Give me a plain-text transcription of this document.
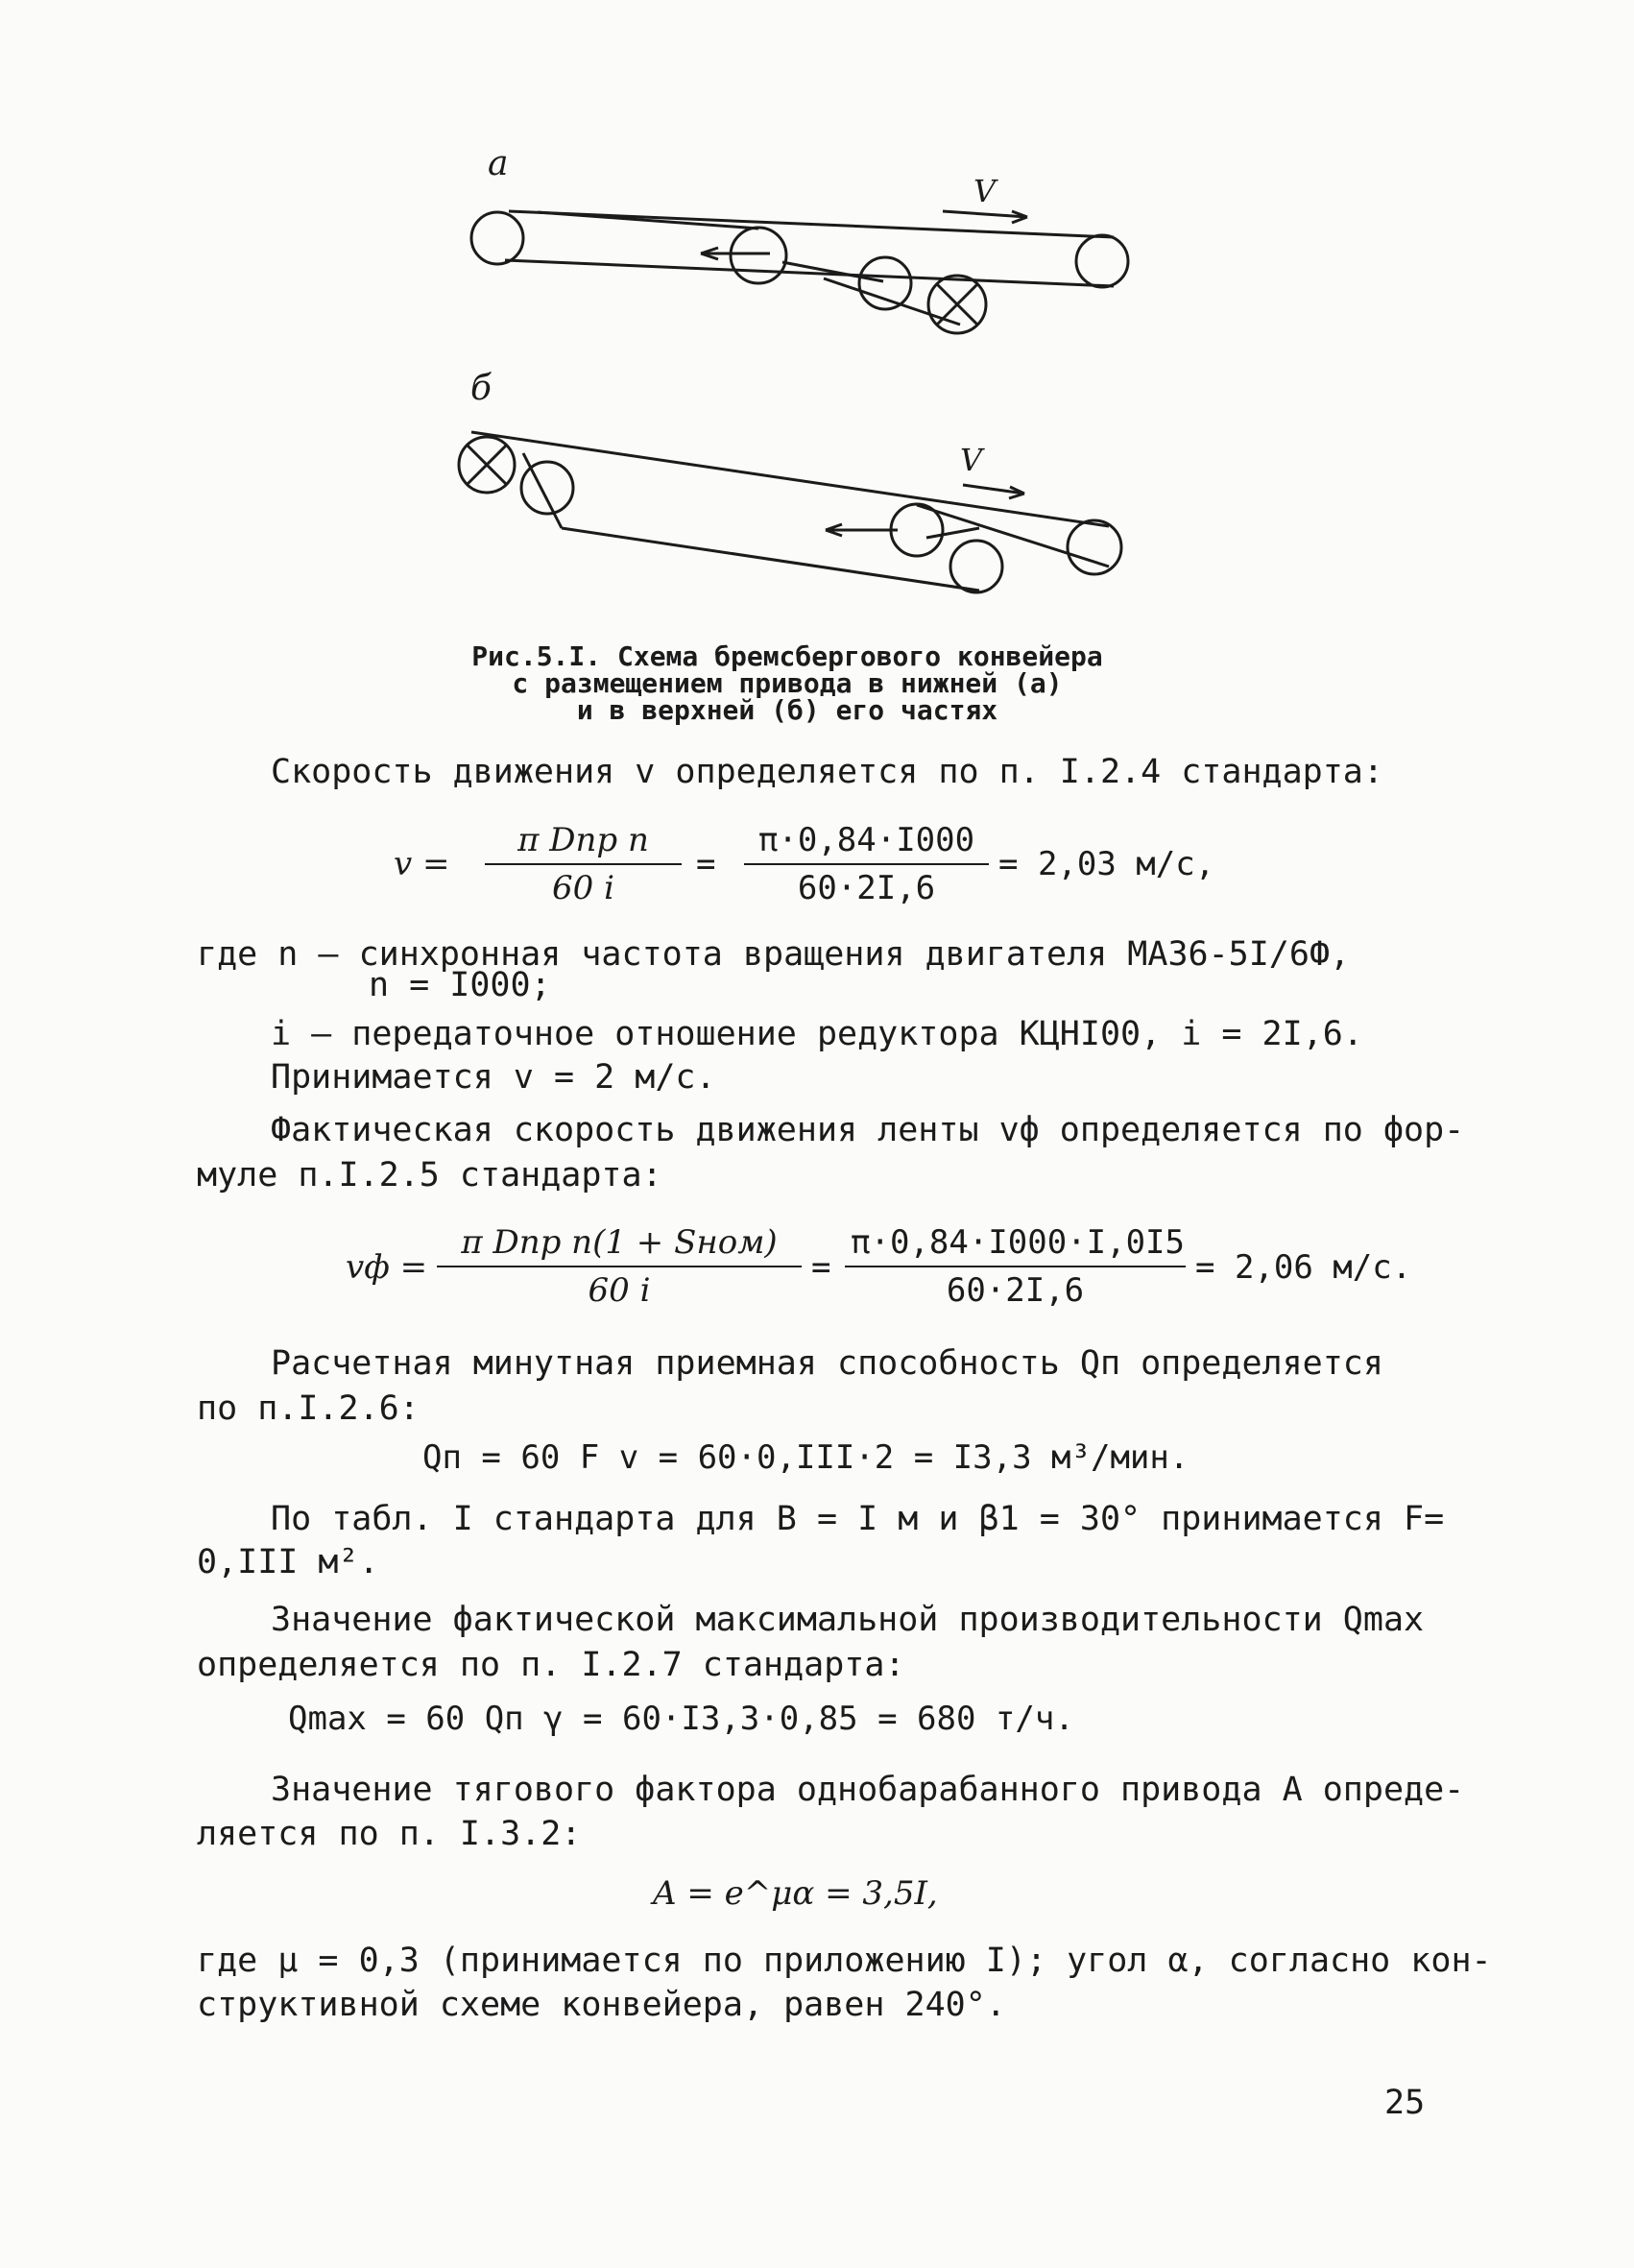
a
V
б
V
Рис.5.I. Схема бремсбергового конвейера
с размещением привода в нижней (а)
и в верхней (б) его частях
Скорость движения v определяется по п. I.2.4 стандарта:
v =
π Dпр n
60 i
= $\frac{\pi\cdot 0,84\cdot I000}{60\cdot 2I,6} = 2,03$ м/с,
где n – синхронная частота вращения двигателя МА36-5I/6Ф,
n = I000;
i – передаточное отношение редуктора КЦНI00, i = 2I,6.
Принимается v = 2 м/с.
Фактическая скорость движения ленты vф определяется по фор-
муле п.I.2.5 стандарта:
vф =
π Dпр n(1 + Sном)
60 i
= $\frac{\pi\cdot 0,84\cdot I000\cdot I,0I5}{60\cdot 2I,6} = 2,06$ м/с.
Расчетная минутная приемная способность Qп определяется
по п.I.2.6:
Qп = 60 F v = 60·0,III·2 = I3,3 м³/мин.
По табл. I стандарта для B = I м и β1 = 30° принимается F=
0,III м².
Значение фактической максимальной производительности Qmax
определяется по п. I.2.7 стандарта:
Qmax = 60 Qп γ = 60·I3,3·0,85 = 680 т/ч.
Значение тягового фактора однобарабанного привода A опреде-
ляется по п. I.3.2:
A = e^μα = 3,5I,
где μ = 0,3 (принимается по приложению I); угол α, согласно кон-
структивной схеме конвейера, равен 240°.
25
